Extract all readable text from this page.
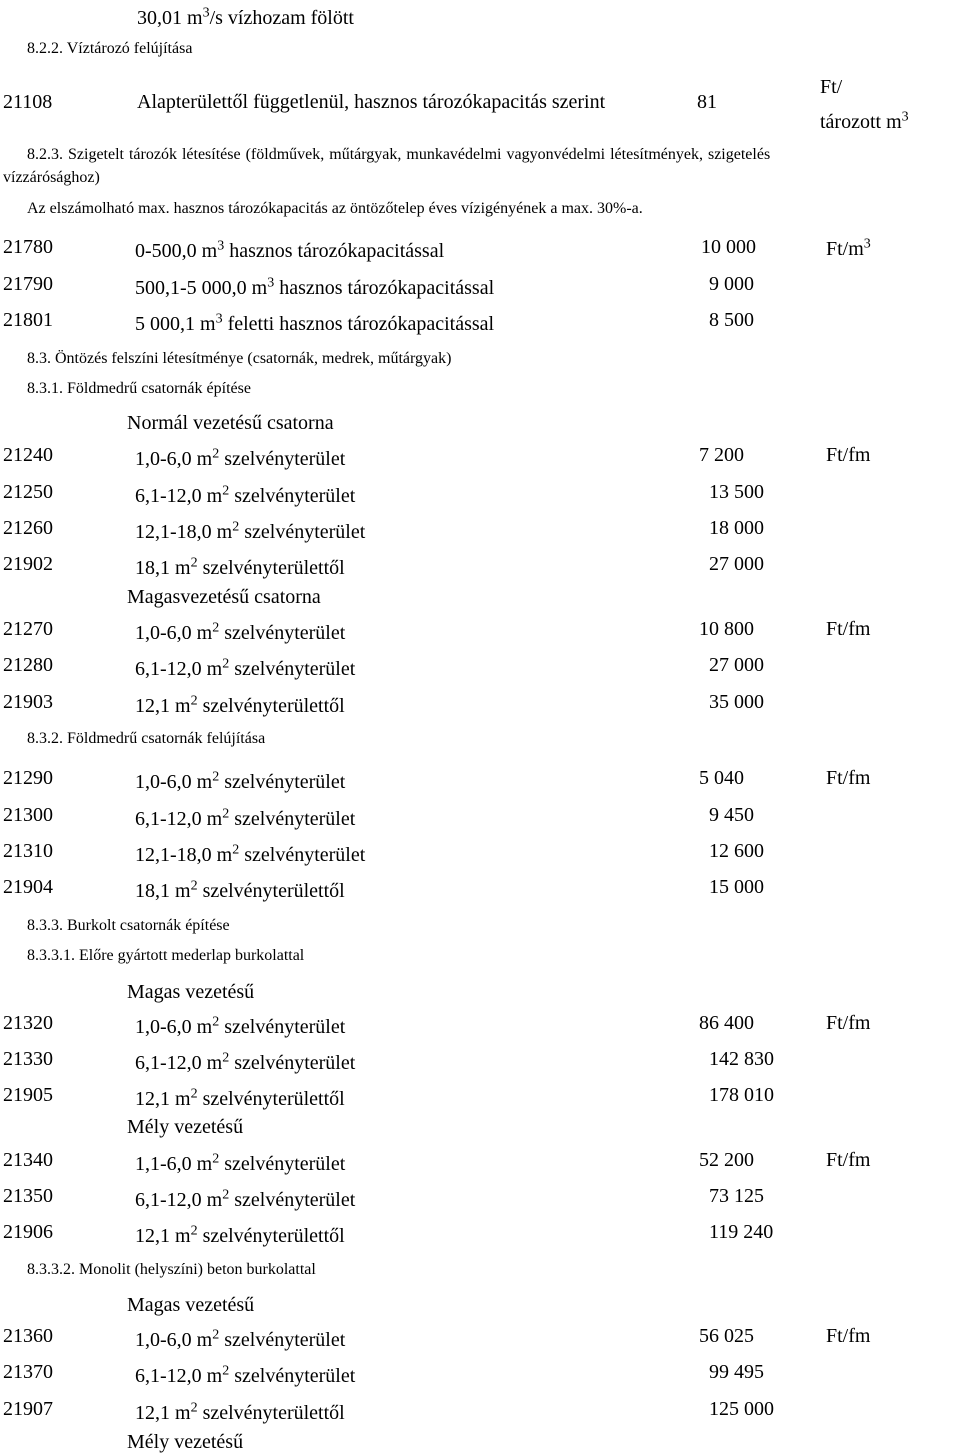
30,01 $m^3/s$ vízhozam fölött
8.2.2. Víztározó felújítása
21108	Alapterülettől függetlenül, hasznos tározókapacitás szerint	81
Ft/
tározott $m^3$
8.2.3. Szigetelt tározók létesítése (földművek, műtárgyak, munkavédelmi vagyonvédelmi létesítmények, szigetelés
vízzárósághoz)
Az elszámolható max. hasznos tározókapacitás az öntözőtelep éves vízigényének a max. 30%-a.
21780	0-500,0 $m^3$ hasznos tározókapacitással	10 000	$Ft/m^3$
21790	500,1-5 000,0 $m^3$ hasznos tározókapacitással	9 000
21801	5 000,1 $m^3$ feletti hasznos tározókapacitással	8 500
8.3. Öntözés felszíni létesítménye (csatornák, medrek, műtárgyak)
8.3.1. Földmedrű csatornák építése
Normál vezetésű csatorna
21240	1,0-6,0 $m^2$ szelvényterület	7 200	Ft/fm
21250	6,1-12,0 $m^2$ szelvényterület	13 500
21260	12,1-18,0 $m^2$ szelvényterület	18 000
21902	18,1 $m^2$ szelvényterülettől	27 000
Magasvezetésű csatorna
21270	1,0-6,0 $m^2$ szelvényterület	10 800	Ft/fm
21280	6,1-12,0 $m^2$ szelvényterület	27 000
21903	12,1 $m^2$ szelvényterülettől	35 000
8.3.2. Földmedrű csatornák felújítása
21290	1,0-6,0 $m^2$ szelvényterület	5 040	Ft/fm
21300	6,1-12,0 $m^2$ szelvényterület	9 450
21310	12,1-18,0 $m^2$ szelvényterület	12 600
21904	18,1 $m^2$ szelvényterülettől	15 000
8.3.3. Burkolt csatornák építése
8.3.3.1. Előre gyártott mederlap burkolattal
Magas vezetésű
21320	1,0-6,0 $m^2$ szelvényterület	86 400	Ft/fm
21330	6,1-12,0 $m^2$ szelvényterület	142 830
21905	12,1 $m^2$ szelvényterülettől	178 010
Mély vezetésű
21340	1,1-6,0 $m^2$ szelvényterület	52 200	Ft/fm
21350	6,1-12,0 $m^2$ szelvényterület	73 125
21906	12,1 $m^2$ szelvényterülettől	119 240
8.3.3.2. Monolit (helyszíni) beton burkolattal
Magas vezetésű
21360	1,0-6,0 $m^2$ szelvényterület	56 025	Ft/fm
21370	6,1-12,0 $m^2$ szelvényterület	99 495
21907	12,1 $m^2$ szelvényterülettől	125 000
Mély vezetésű
